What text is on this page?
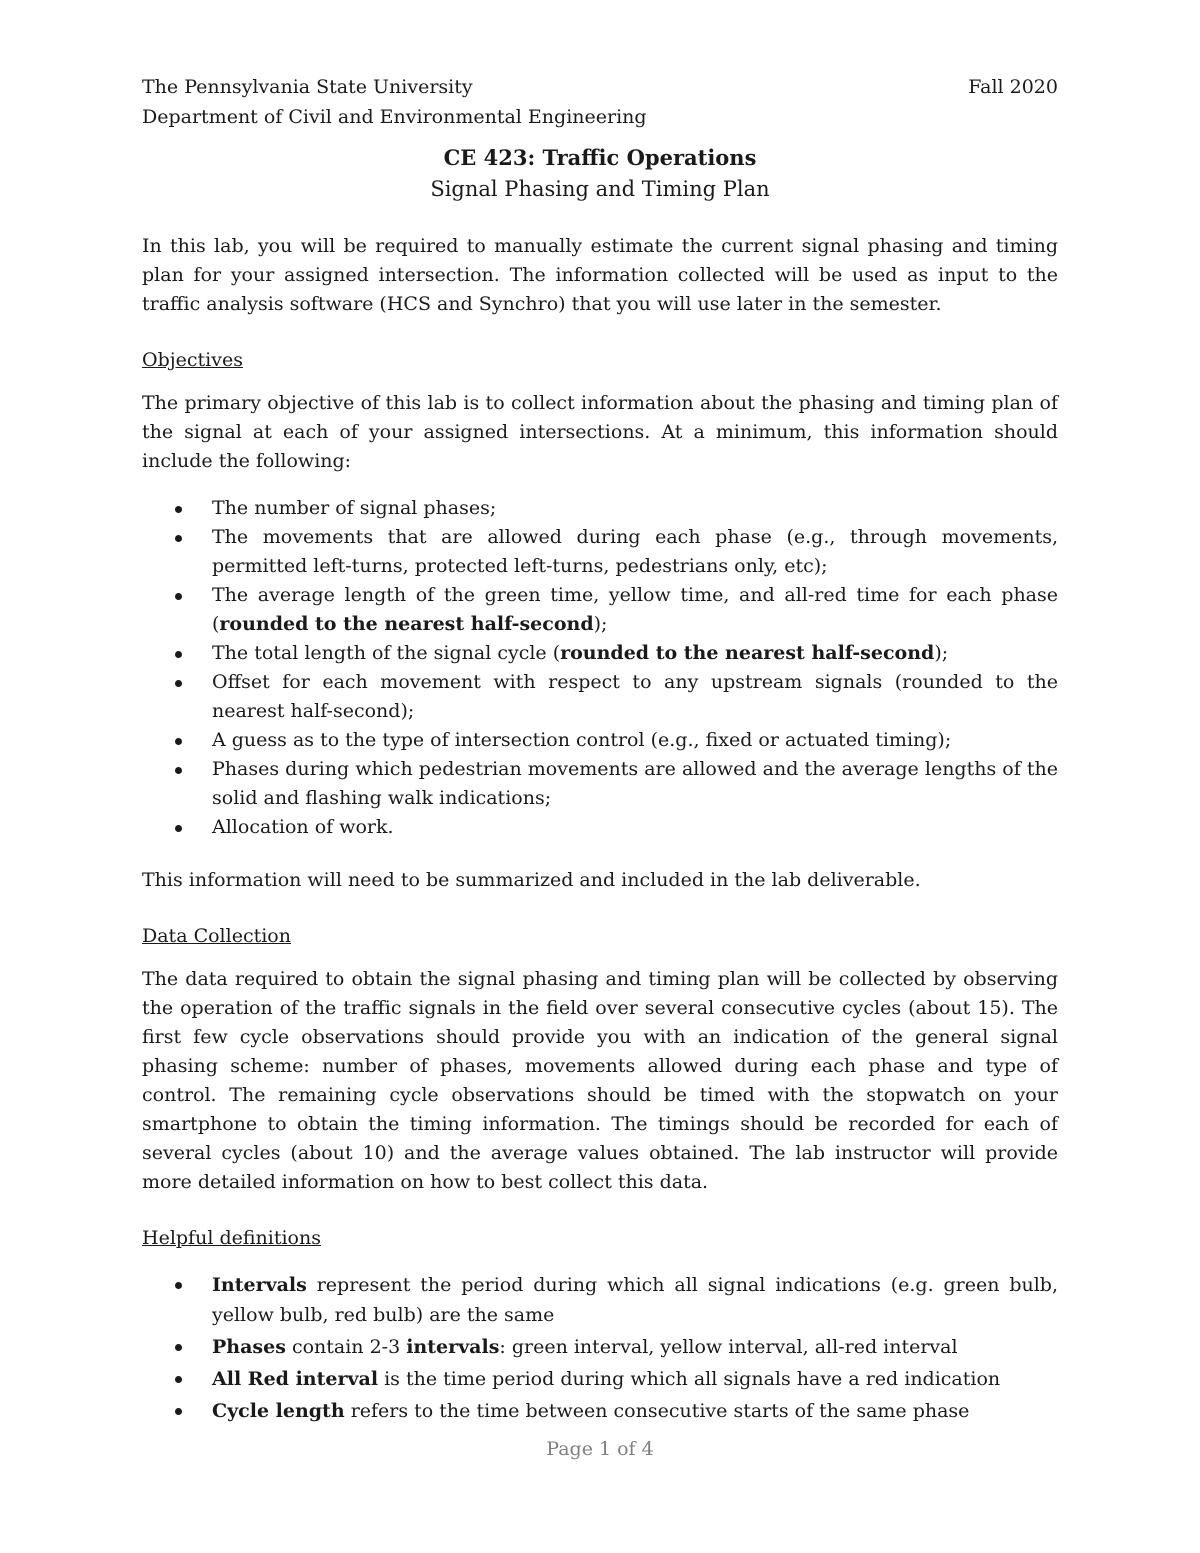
The Pennsylvania State University	Fall 2020
Department of Civil and Environmental Engineering
CE 423: Traffic Operations
Signal Phasing and Timing Plan

In this lab, you will be required to manually estimate the current signal phasing and timing plan for your assigned intersection. The information collected will be used as input to the traffic analysis software (HCS and Synchro) that you will use later in the semester.

Objectives

The primary objective of this lab is to collect information about the phasing and timing plan of the signal at each of your assigned intersections. At a minimum, this information should include the following:

The number of signal phases;
The movements that are allowed during each phase (e.g., through movements, permitted left-turns, protected left-turns, pedestrians only, etc);
The average length of the green time, yellow time, and all-red time for each phase (rounded to the nearest half-second);
The total length of the signal cycle (rounded to the nearest half-second);
Offset for each movement with respect to any upstream signals (rounded to the nearest half-second);
A guess as to the type of intersection control (e.g., fixed or actuated timing);
Phases during which pedestrian movements are allowed and the average lengths of the solid and flashing walk indications;
Allocation of work.

This information will need to be summarized and included in the lab deliverable.

Data Collection

The data required to obtain the signal phasing and timing plan will be collected by observing the operation of the traffic signals in the field over several consecutive cycles (about 15). The first few cycle observations should provide you with an indication of the general signal phasing scheme: number of phases, movements allowed during each phase and type of control. The remaining cycle observations should be timed with the stopwatch on your smartphone to obtain the timing information. The timings should be recorded for each of several cycles (about 10) and the average values obtained. The lab instructor will provide more detailed information on how to best collect this data.

Helpful definitions
Intervals represent the period during which all signal indications (e.g. green bulb, yellow bulb, red bulb) are the same
Phases contain 2-3 intervals: green interval, yellow interval, all-red interval
All Red interval is the time period during which all signals have a red indication
Cycle length refers to the time between consecutive starts of the same phase
Page 1 of 4
